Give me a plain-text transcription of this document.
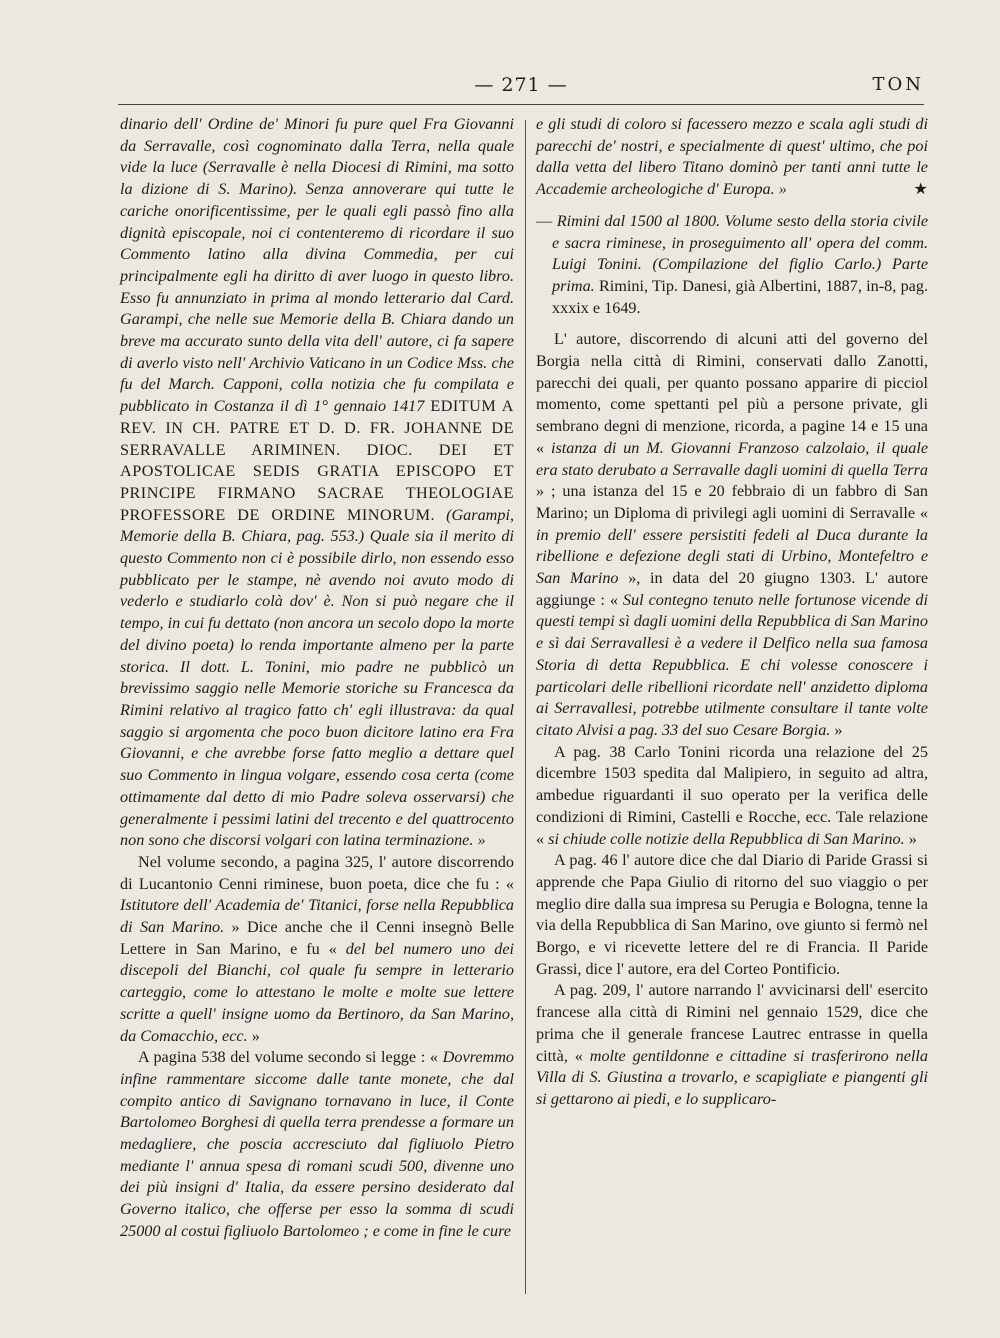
— 271 —	TON

dinario dell' Ordine de' Minori fu pure quel Fra Giovanni da Serravalle, così cognominato dalla Terra, nella quale vide la luce (Serravalle è nella Diocesi di Rimini, ma sotto la dizione di S. Marino). Senza annoverare qui tutte le cariche onorificentissime, per le quali egli passò fino alla dignità episcopale, noi ci contenteremo di ricordare il suo Commento latino alla divina Commedia, per cui principalmente egli ha diritto di aver luogo in questo libro. Esso fu annunziato in prima al mondo letterario dal Card. Garampi, che nelle sue Memorie della B. Chiara dando un breve ma accurato sunto della vita dell' autore, ci fa sapere di averlo visto nell' Archivio Vaticano in un Codice Mss. che fu del March. Capponi, colla notizia che fu compilata e pubblicato in Costanza il dì 1° gennaio 1417 EDITUM A REV. IN CH. PATRE ET D. D. FR. JOHANNE DE SERRAVALLE ARIMINEN. DIOC. DEI ET APOSTOLICAE SEDIS GRATIA EPISCOPO ET PRINCIPE FIRMANO SACRAE THEOLOGIAE PROFESSORE DE ORDINE MINORUM. (Garampi, Memorie della B. Chiara, pag. 553.) Quale sia il merito di questo Commento non ci è possibile dirlo, non essendo esso pubblicato per le stampe, nè avendo noi avuto modo di vederlo e studiarlo colà dov' è. Non si può negare che il tempo, in cui fu dettato (non ancora un secolo dopo la morte del divino poeta) lo renda importante almeno per la parte storica. Il dott. L. Tonini, mio padre ne pubblicò un brevissimo saggio nelle Memorie storiche su Francesca da Rimini relativo al tragico fatto ch' egli illustrava: da qual saggio si argomenta che poco buon dicitore latino era Fra Giovanni, e che avrebbe forse fatto meglio a dettare quel suo Commento in lingua volgare, essendo cosa certa (come ottimamente dal detto di mio Padre soleva osservarsi) che generalmente i pessimi latini del trecento e del quattrocento non sono che discorsi volgari con latina terminazione. »

Nel volume secondo, a pagina 325, l' autore discorrendo di Lucantonio Cenni riminese, buon poeta, dice che fu : « Istitutore dell' Academia de' Titanici, forse nella Repubblica di San Marino. » Dice anche che il Cenni insegnò Belle Lettere in San Marino, e fu « del bel numero uno dei discepoli del Bianchi, col quale fu sempre in letterario carteggio, come lo attestano le molte e molte sue lettere scritte a quell' insigne uomo da Bertinoro, da San Marino, da Comacchio, ecc. »

A pagina 538 del volume secondo si legge : « Dovremmo infine rammentare siccome dalle tante monete, che dal compito antico di Savignano tornavano in luce, il Conte Bartolomeo Borghesi di quella terra prendesse a formare un medagliere, che poscia accresciuto dal figliuolo Pietro mediante l' annua spesa di romani scudi 500, divenne uno dei più insigni d' Italia, da essere persino desiderato dal Governo italico, che offerse per esso la somma di scudi 25000 al costui figliuolo Bartolomeo ; e come in fine le cure

e gli studi di coloro si facessero mezzo e scala agli studi di parecchi de' nostri, e specialmente di quest' ultimo, che poi dalla vetta del libero Titano dominò per tanti anni tutte le Accademie archeologiche d' Europa. »	★

— Rimini dal 1500 al 1800. Volume sesto della storia civile e sacra riminese, in proseguimento all' opera del comm. Luigi Tonini. (Compilazione del figlio Carlo.) Parte prima. Rimini, Tip. Danesi, già Albertini, 1887, in-8, pag. xxxix e 1649.

L' autore, discorrendo di alcuni atti del governo del Borgia nella città di Rimini, conservati dallo Zanotti, parecchi dei quali, per quanto possano apparire di picciol momento, come spettanti pel più a persone private, gli sembrano degni di menzione, ricorda, a pagine 14 e 15 una « istanza di un M. Giovanni Franzoso calzolaio, il quale era stato derubato a Serravalle dagli uomini di quella Terra » ; una istanza del 15 e 20 febbraio di un fabbro di San Marino; un Diploma di privilegi agli uomini di Serravalle « in premio dell' essere persistiti fedeli al Duca durante la ribellione e defezione degli stati di Urbino, Montefeltro e San Marino », in data del 20 giugno 1303. L' autore aggiunge : « Sul contegno tenuto nelle fortunose vicende di questi tempi sì dagli uomini della Repubblica di San Marino e sì dai Serravallesi è a vedere il Delfico nella sua famosa Storia di detta Repubblica. E chi volesse conoscere i particolari delle ribellioni ricordate nell' anzidetto diploma ai Serravallesi, potrebbe utilmente consultare il tante volte citato Alvisi a pag. 33 del suo Cesare Borgia. »

A pag. 38 Carlo Tonini ricorda una relazione del 25 dicembre 1503 spedita dal Malipiero, in seguito ad altra, ambedue riguardanti il suo operato per la verifica delle condizioni di Rimini, Castelli e Rocche, ecc. Tale relazione « si chiude colle notizie della Repubblica di San Marino. »

A pag. 46 l' autore dice che dal Diario di Paride Grassi si apprende che Papa Giulio di ritorno del suo viaggio o per meglio dire dalla sua impresa su Perugia e Bologna, tenne la via della Repubblica di San Marino, ove giunto si fermò nel Borgo, e vi ricevette lettere del re di Francia. Il Paride Grassi, dice l' autore, era del Corteo Pontificio.

A pag. 209, l' autore narrando l' avvicinarsi dell' esercito francese alla città di Rimini nel gennaio 1529, dice che prima che il generale francese Lautrec entrasse in quella città, « molte gentildonne e cittadine si trasferirono nella Villa di S. Giustina a trovarlo, e scapigliate e piangenti gli si gettarono ai piedi, e lo supplicaro-
